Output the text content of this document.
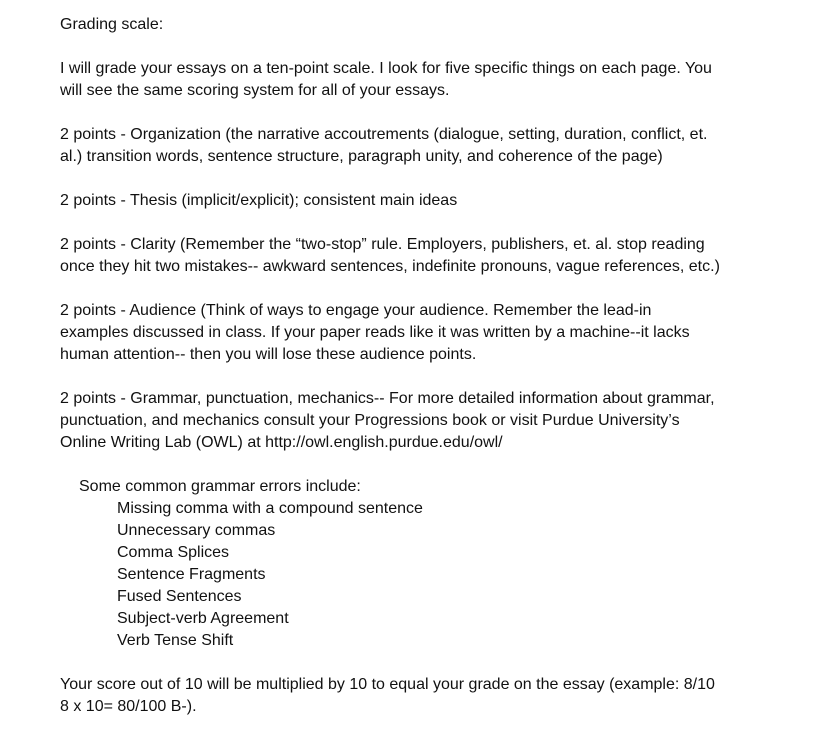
Grading scale:

I will grade your essays on a ten-point scale. I look for five specific things on each page. You

will see the same scoring system for all of your essays.

2 points - Organization (the narrative accoutrements (dialogue, setting, duration, conflict, et.

al.) transition words, sentence structure, paragraph unity, and coherence of the page)

2 points - Thesis (implicit/explicit); consistent main ideas

2 points - Clarity (Remember the “two-stop” rule. Employers, publishers, et. al. stop reading

once they hit two mistakes-- awkward sentences, indefinite pronouns, vague references, etc.)

2 points - Audience (Think of ways to engage your audience. Remember the lead-in

examples discussed in class. If your paper reads like it was written by a machine--it lacks

human attention-- then you will lose these audience points.

2 points - Grammar, punctuation, mechanics-- For more detailed information about grammar,

punctuation, and mechanics consult your Progressions book or visit Purdue University’s

Online Writing Lab (OWL) at http://owl.english.purdue.edu/owl/

Some common grammar errors include:

Missing comma with a compound sentence

Unnecessary commas

Comma Splices

Sentence Fragments

Fused Sentences

Subject-verb Agreement

Verb Tense Shift

Your score out of 10 will be multiplied by 10 to equal your grade on the essay (example: 8/10

8 x 10= 80/100 B-).
